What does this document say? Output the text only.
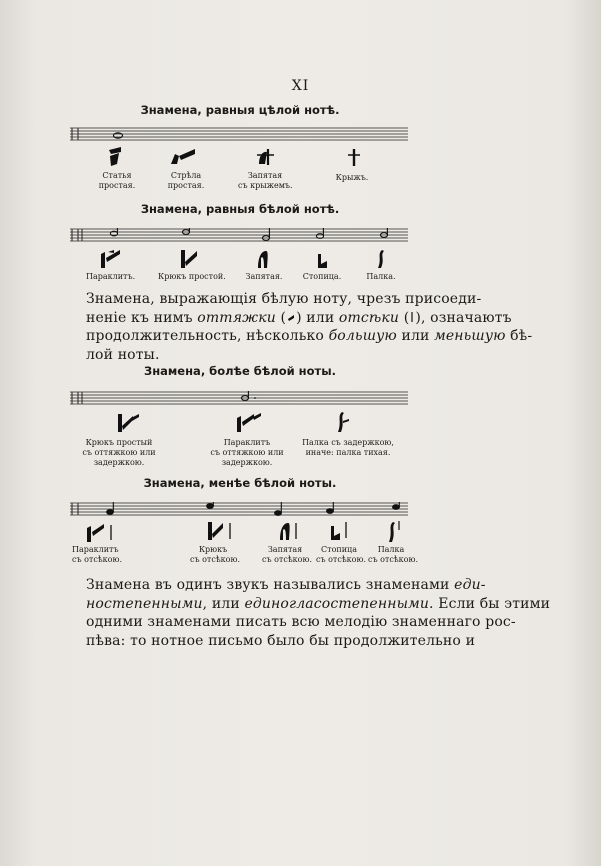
XI
Знамена, равныя цѣлой нотѣ.
Статья
простая.
Стрѣла
простая.
Запятая
съ крыжемъ.
Крыжъ.
Знамена, равныя бѣлой нотѣ.
Параклитъ.	Крюкъ простой. Запятая.	Стопица.	Палка.
Знамена, выражающія бѣлую ноту, чрезъ присоеди-
неніе къ нимъ оттяжки ( ) или отсѣки ( ), означаютъ
продолжительность, нѣсколько большую или меньшую бѣ-
лой ноты.
Знамена, болѣе бѣлой ноты.
Крюкъ простый
съ оттяжкою или
задержкою.
Параклитъ
съ оттяжкою или
задержкою.
Палка съ задержкою,
иначе: палка тихая.
Знамена, менѣе бѣлой ноты.
Параклитъ
съ отсѣкою.
Крюкъ
съ отсѣкою.
Запятая
съ отсѣкою.
Стопица
съ отсѣкою.
Палка
съ отсѣкою.
Знамена въ одинъ звукъ назывались знаменами еди-
ностепенными, или единогласостепенными. Если бы этими
одними знаменами писать всю мелодію знаменнаго рос-
пѣва: то нотное письмо было бы продолжительно и
